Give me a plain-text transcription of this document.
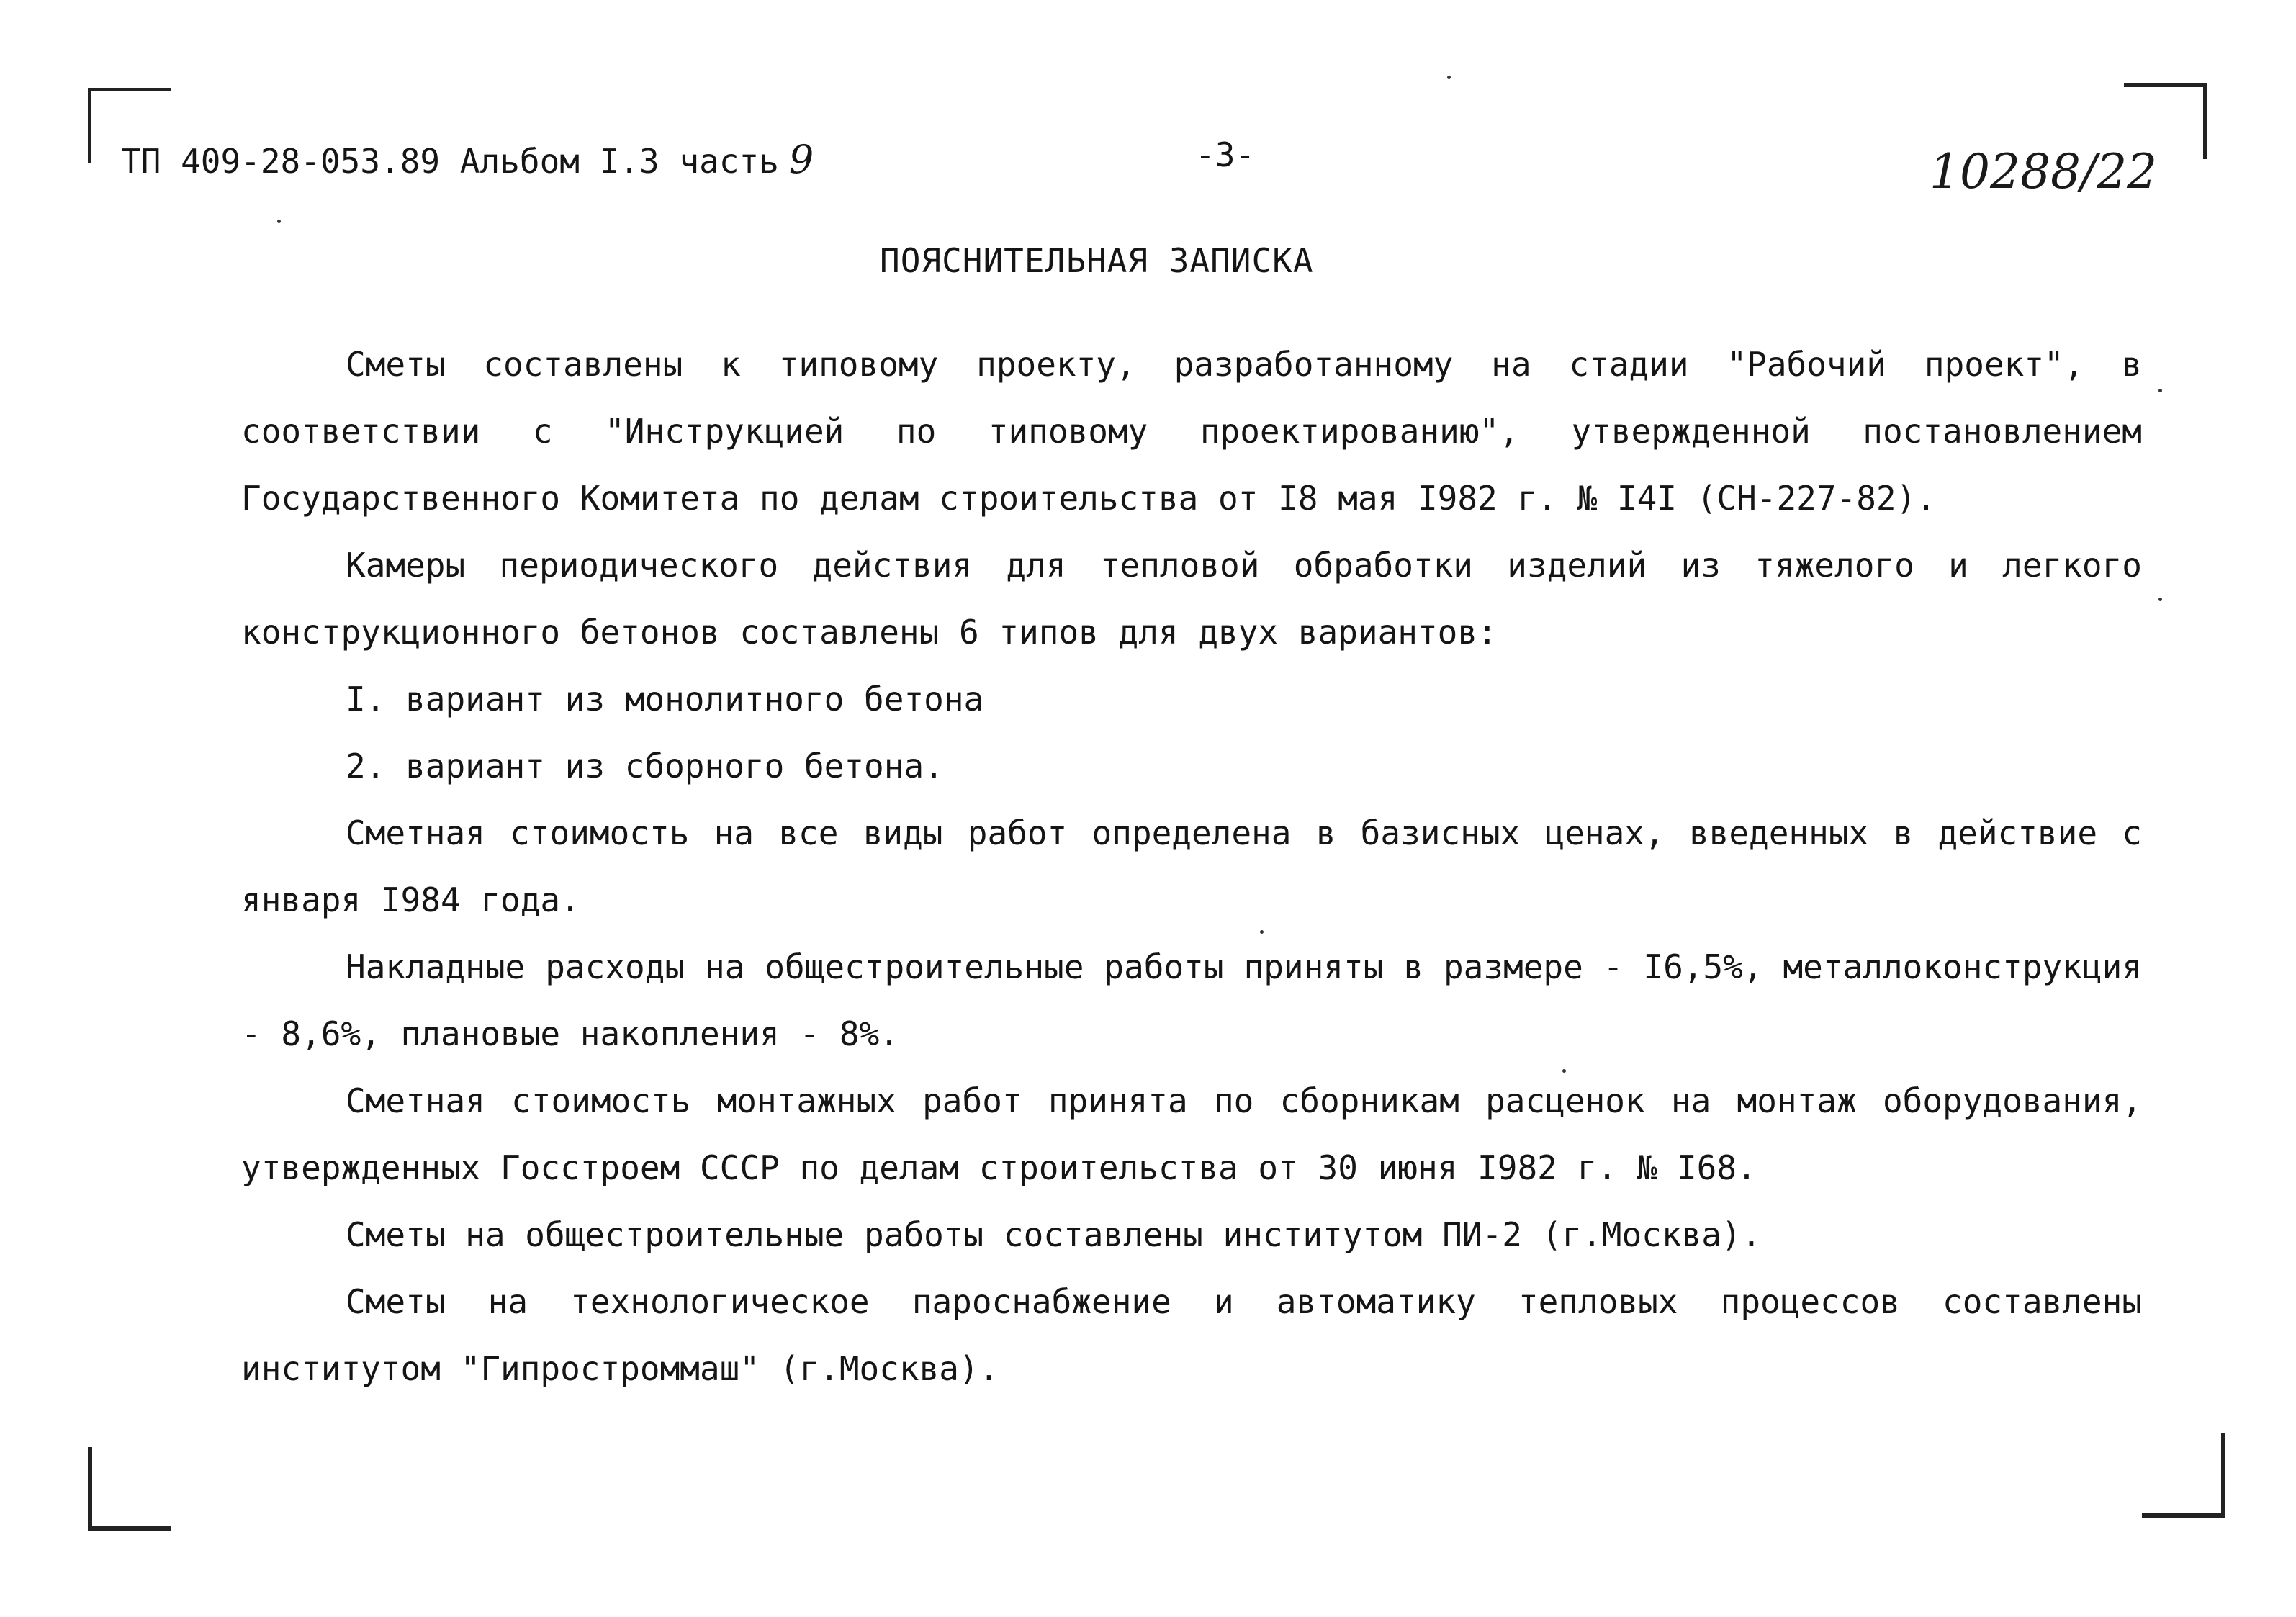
ТП 409-28-053.89 Альбом I.3 часть 9	-3-	10288/22
ПОЯСНИТЕЛЬНАЯ ЗАПИСКА

Сметы составлены к типовому проекту, разработанному на стадии "Рабочий проект", в соответствии с "Инструкцией по типовому проектированию", утвержденной постановлением Государственного Комитета по делам строительства от I8 мая I982 г. № I4I (СН-227-82).

Камеры периодического действия для тепловой обработки изделий из тяжелого и легкого конструкционного бетонов составлены 6 типов для двух вариантов:

I. вариант из монолитного бетона

2. вариант из сборного бетона.

Сметная стоимость на все виды работ определена в базисных ценах, введенных в действие с января I984 года.

Накладные расходы на общестроительные работы приняты в размере - I6,5%, металлоконструкция - 8,6%, плановые накопления - 8%.

Сметная стоимость монтажных работ принята по сборникам расценок на монтаж оборудования, утвержденных Госстроем СССР по делам строительства от 30 июня I982 г. № I68.

Сметы на общестроительные работы составлены институтом ПИ-2 (г.Москва).

Сметы на технологическое пароснабжение и автоматику тепловых процессов составлены институтом "Гипростроммаш" (г.Москва).
